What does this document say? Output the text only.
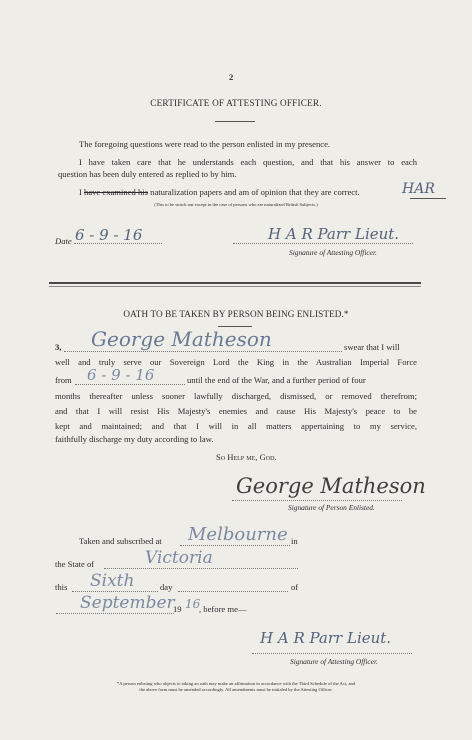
2
CERTIFICATE OF ATTESTING OFFICER.
The foregoing questions were read to the person enlisted in my presence.
I have taken care that he understands each question, and that his answer to each
question has been duly entered as replied to by him.
I have examined his naturalization papers and am of opinion that they are correct.	HAR
(This to be struck out except in the case of persons who are naturalized British Subjects.)
Date 6 - 9 - 16	H A R Parr Lieut.
Signature of Attesting Officer.
OATH TO BE TAKEN BY PERSON BEING ENLISTED.*
3, George Matheson	swear that I will
well and truly serve our Sovereign Lord the King in the Australian Imperial Force
from 6 - 9 - 16	until the end of the War, and a further period of four
months thereafter unless sooner lawfully discharged, dismissed, or removed therefrom;
and that I will resist His Majesty's enemies and cause His Majesty's peace to be
kept and maintained; and that I will in all matters appertaining to my service,
faithfully discharge my duty according to law.
So Help me, God.
George Matheson
Signature of Person Enlisted.
Taken and subscribed at Melbourne in
the State of	Victoria
this Sixth	day	of
September
19 16
, before me—
H A R Parr Lieut.
Signature of Attesting Officer.
*A person enlisting who objects to taking an oath may make an affirmation in accordance with the Third Schedule of the Act, and
the above form must be amended accordingly. All amendments must be initialed by the Attesting Officer.
